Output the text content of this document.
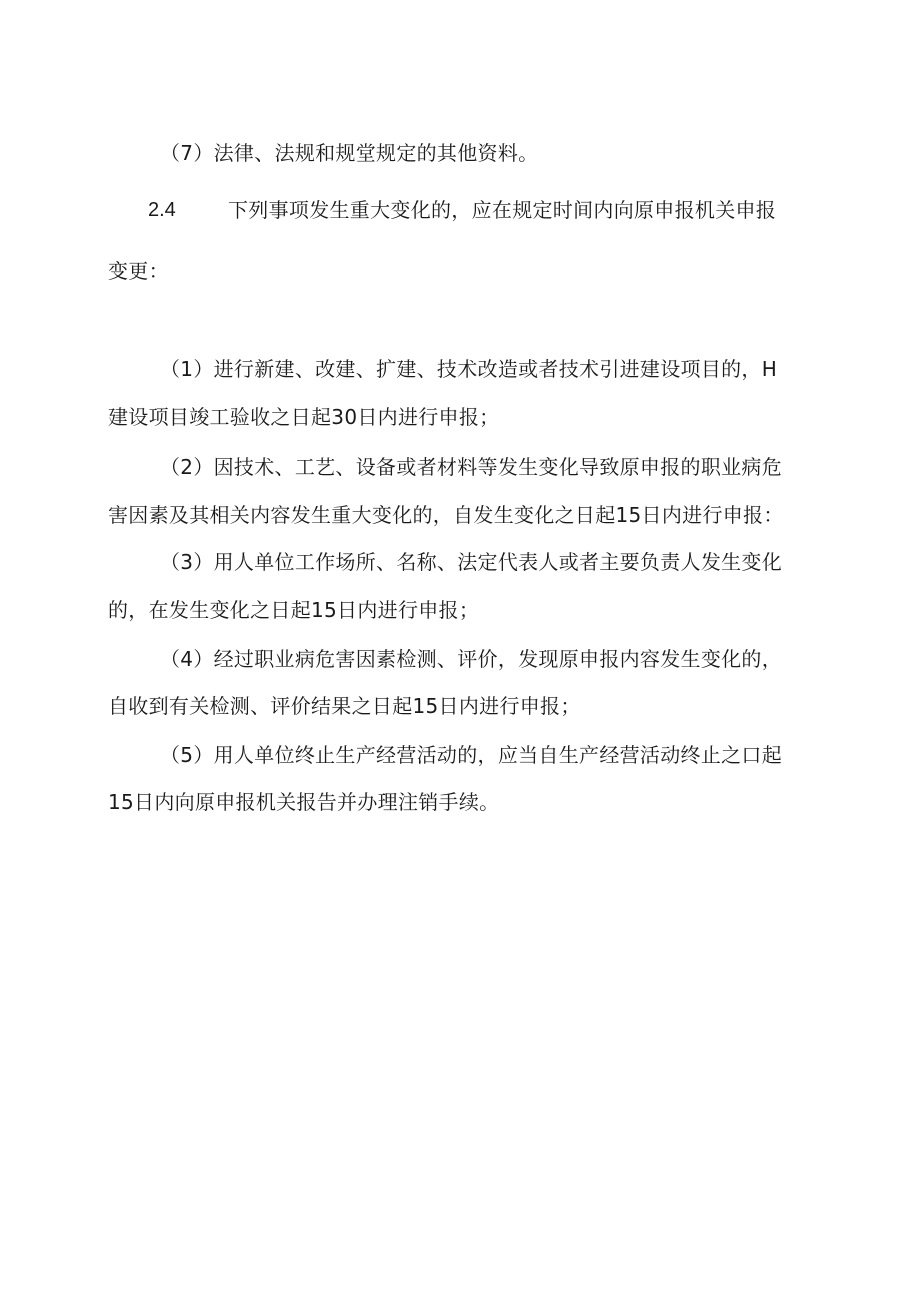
（7）法律、法规和规堂规定的其他资料。
2.4	下列事项发生重大变化的，应在规定时间内向原申报机关申报
变更：
（1）进行新建、改建、扩建、技术改造或者技术引进建设项目的，H
建设项目竣工验收之日起30日内进行申报；
（2）因技术、工艺、设备或者材料等发生变化导致原申报的职业病危
害因素及其相关内容发生重大变化的，自发生变化之日起15日内进行申报：
（3）用人单位工作场所、名称、法定代表人或者主要负责人发生变化
的，在发生变化之日起15日内进行申报；
（4）经过职业病危害因素检测、评价，发现原申报内容发生变化的，
自收到有关检测、评价结果之日起15日内进行申报；
（5）用人单位终止生产经营活动的，应当自生产经营活动终止之口起
15日内向原申报机关报告并办理注销手续。
